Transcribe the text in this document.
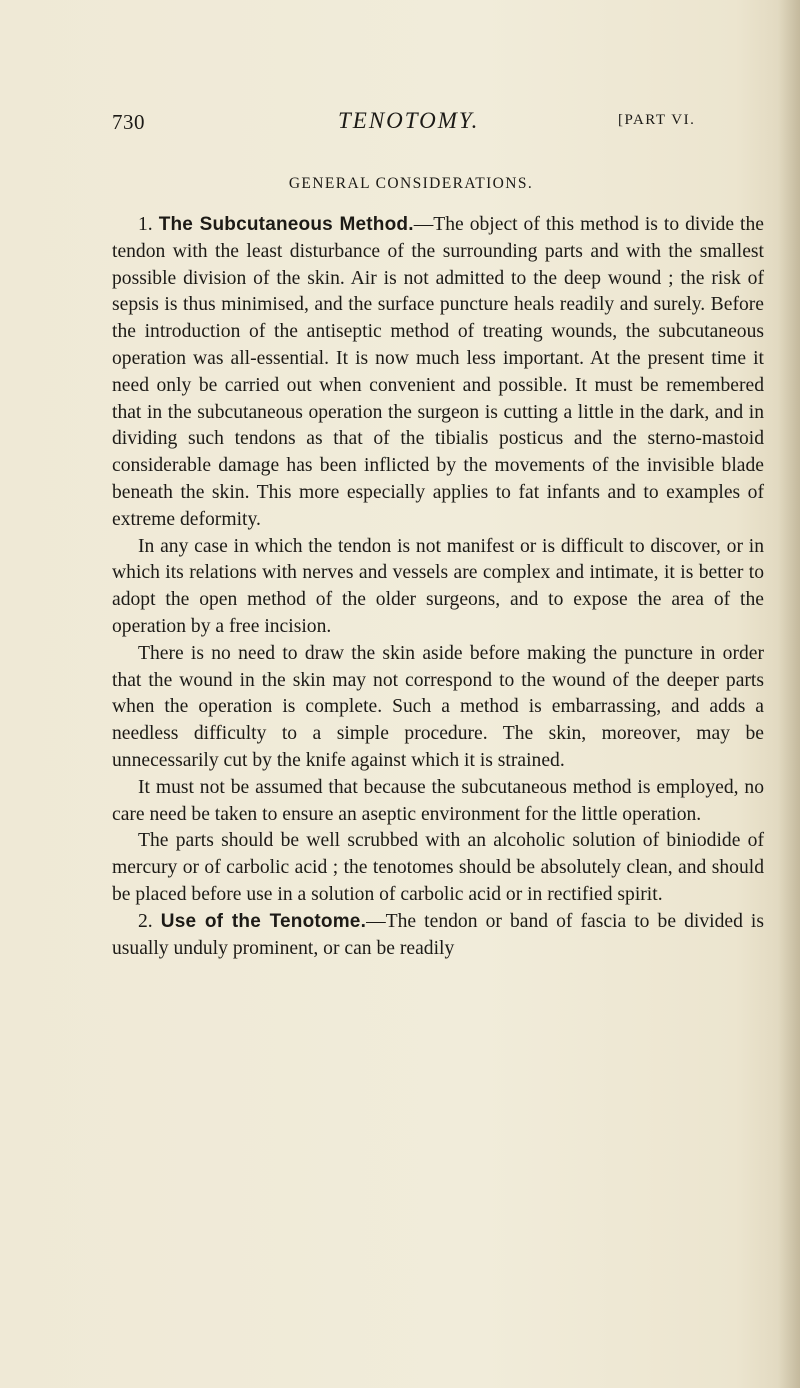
730	TENOTOMY.	[PART VI.
GENERAL CONSIDERATIONS.

1. The Subcutaneous Method.—The object of this method is to divide the tendon with the least disturbance of the surrounding parts and with the smallest possible division of the skin. Air is not admitted to the deep wound ; the risk of sepsis is thus minimised, and the surface puncture heals readily and surely. Before the introduction of the antiseptic method of treating wounds, the subcutaneous operation was all-essential. It is now much less important. At the present time it need only be carried out when convenient and possible. It must be remembered that in the subcutaneous operation the surgeon is cutting a little in the dark, and in dividing such tendons as that of the tibialis posticus and the sterno-mastoid considerable damage has been inflicted by the movements of the invisible blade beneath the skin. This more especially applies to fat infants and to examples of extreme deformity.

In any case in which the tendon is not manifest or is difficult to discover, or in which its relations with nerves and vessels are complex and intimate, it is better to adopt the open method of the older surgeons, and to expose the area of the operation by a free incision.

There is no need to draw the skin aside before making the puncture in order that the wound in the skin may not correspond to the wound of the deeper parts when the operation is complete. Such a method is embarrassing, and adds a needless difficulty to a simple procedure. The skin, moreover, may be unnecessarily cut by the knife against which it is strained.

It must not be assumed that because the subcutaneous method is employed, no care need be taken to ensure an aseptic environment for the little operation.

The parts should be well scrubbed with an alcoholic solution of biniodide of mercury or of carbolic acid ; the tenotomes should be absolutely clean, and should be placed before use in a solution of carbolic acid or in rectified spirit.

2. Use of the Tenotome.—The tendon or band of fascia to be divided is usually unduly prominent, or can be readily
